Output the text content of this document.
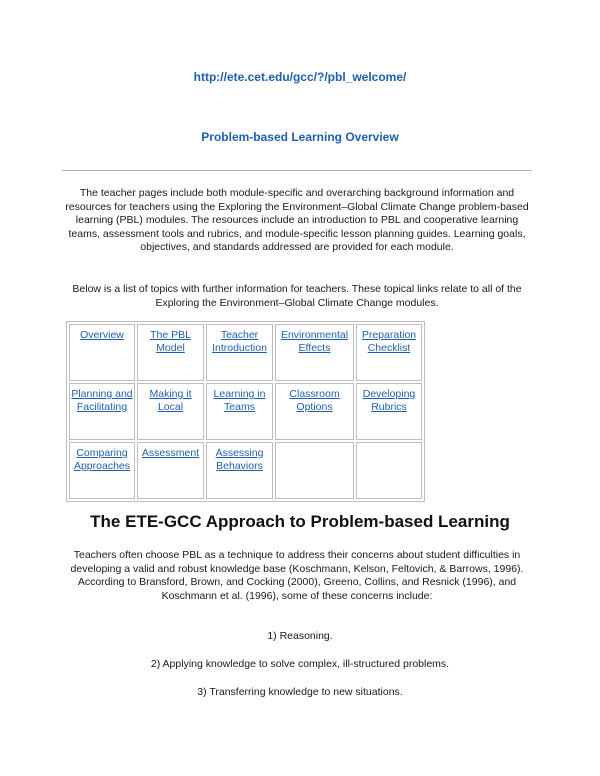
http://ete.cet.edu/gcc/?/pbl_welcome/
Problem-based Learning Overview

The teacher pages include both module-specific and overarching background information and resources for teachers using the Exploring the Environment–Global Climate Change problem-based learning (PBL) modules. The resources include an introduction to PBL and cooperative learning teams, assessment tools and rubrics, and module-specific lesson planning guides. Learning goals, objectives, and standards addressed are provided for each module.

Below is a list of topics with further information for teachers. These topical links relate to all of the Exploring the Environment–Global Climate Change modules.

Overview	The PBL Model	Teacher Introduction	Environmental Effects	Preparation Checklist
Planning and Facilitating	Making it Local	Learning in Teams	Classroom Options	Developing Rubrics
Comparing Approaches	Assessment	Assessing Behaviors		
The ETE-GCC Approach to Problem-based Learning

Teachers often choose PBL as a technique to address their concerns about student difficulties in developing a valid and robust knowledge base (Koschmann, Kelson, Feltovich, & Barrows, 1996). According to Bransford, Brown, and Cocking (2000), Greeno, Collins, and Resnick (1996), and Koschmann et al. (1996), some of these concerns include:

1) Reasoning.
2) Applying knowledge to solve complex, ill-structured problems.
3) Transferring knowledge to new situations.
